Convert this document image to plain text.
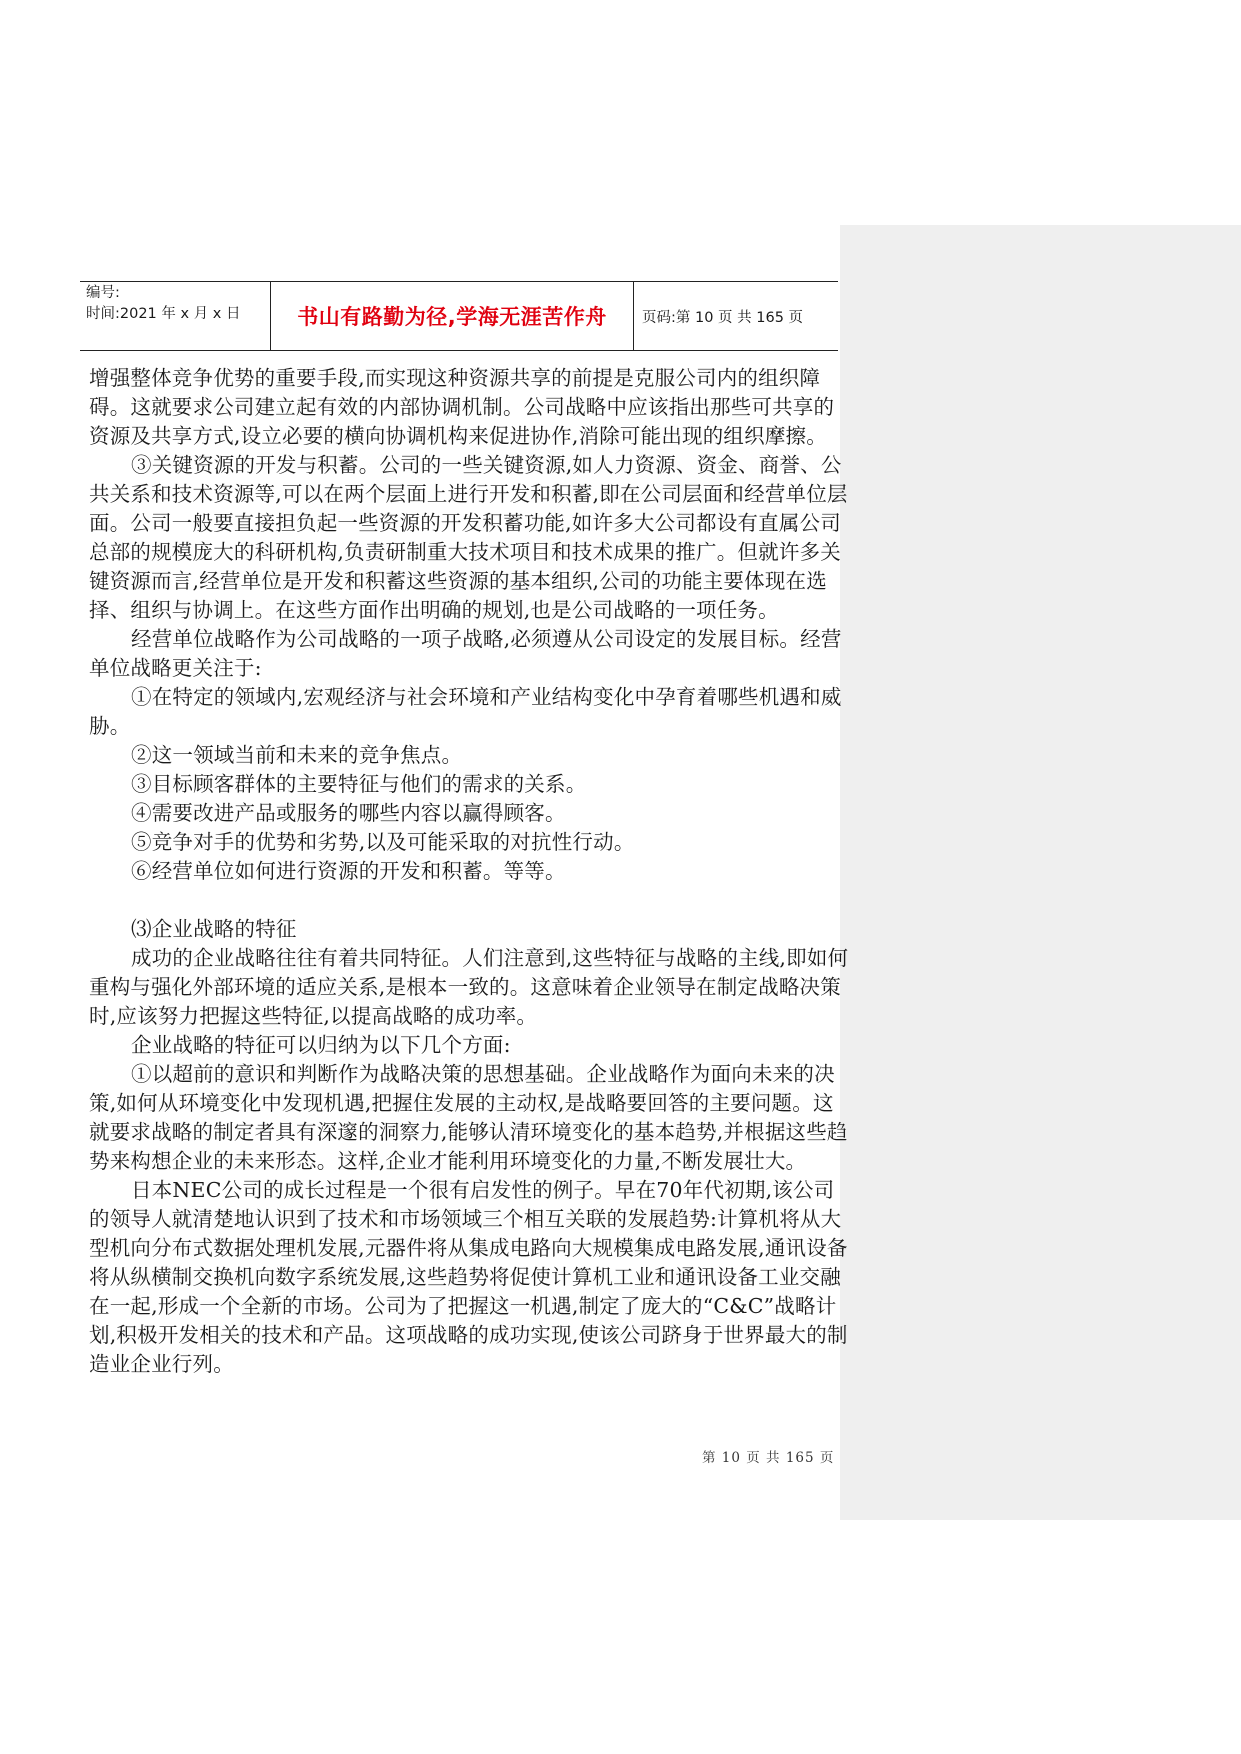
编号:
时间:2021 年 x 月 x 日	书山有路勤为径,学海无涯苦作舟 页码:第 10 页 共 165 页

增强整体竞争优势的重要手段,而实现这种资源共享的前提是克服公司内的组织障碍。这就要求公司建立起有效的内部协调机制。公司战略中应该指出那些可共享的资源及共享方式,设立必要的横向协调机构来促进协作,消除可能出现的组织摩擦。

③关键资源的开发与积蓄。公司的一些关键资源,如人力资源、资金、商誉、公共关系和技术资源等,可以在两个层面上进行开发和积蓄,即在公司层面和经营单位层面。公司一般要直接担负起一些资源的开发积蓄功能,如许多大公司都设有直属公司总部的规模庞大的科研机构,负责研制重大技术项目和技术成果的推广。但就许多关键资源而言,经营单位是开发和积蓄这些资源的基本组织,公司的功能主要体现在选择、组织与协调上。在这些方面作出明确的规划,也是公司战略的一项任务。

经营单位战略作为公司战略的一项子战略,必须遵从公司设定的发展目标。经营单位战略更关注于:

①在特定的领域内,宏观经济与社会环境和产业结构变化中孕育着哪些机遇和威胁。

②这一领域当前和未来的竞争焦点。

③目标顾客群体的主要特征与他们的需求的关系。

④需要改进产品或服务的哪些内容以赢得顾客。

⑤竞争对手的优势和劣势,以及可能采取的对抗性行动。

⑥经营单位如何进行资源的开发和积蓄。等等。

⑶企业战略的特征

成功的企业战略往往有着共同特征。人们注意到,这些特征与战略的主线,即如何重构与强化外部环境的适应关系,是根本一致的。这意味着企业领导在制定战略决策时,应该努力把握这些特征,以提高战略的成功率。

企业战略的特征可以归纳为以下几个方面:

①以超前的意识和判断作为战略决策的思想基础。企业战略作为面向未来的决策,如何从环境变化中发现机遇,把握住发展的主动权,是战略要回答的主要问题。这就要求战略的制定者具有深邃的洞察力,能够认清环境变化的基本趋势,并根据这些趋势来构想企业的未来形态。这样,企业才能利用环境变化的力量,不断发展壮大。

日本NEC公司的成长过程是一个很有启发性的例子。早在70年代初期,该公司的领导人就清楚地认识到了技术和市场领域三个相互关联的发展趋势:计算机将从大型机向分布式数据处理机发展,元器件将从集成电路向大规模集成电路发展,通讯设备将从纵横制交换机向数字系统发展,这些趋势将促使计算机工业和通讯设备工业交融在一起,形成一个全新的市场。公司为了把握这一机遇,制定了庞大的“C&C”战略计划,积极开发相关的技术和产品。这项战略的成功实现,使该公司跻身于世界最大的制造业企业行列。

第 10 页 共 165 页
